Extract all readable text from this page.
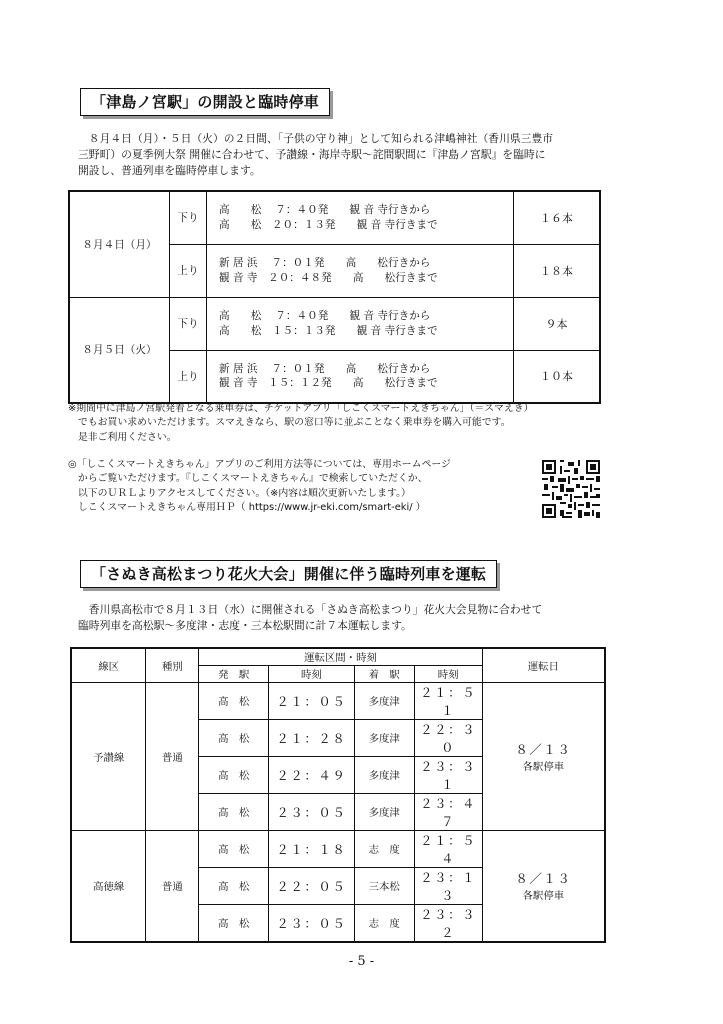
「津島ノ宮駅」の開設と臨時停車
　８月４日（月）・５日（火）の２日間、「子供の守り神」として知られる津嶋神社（香川県三豊市
三野町）の夏季例大祭 開催に合わせて、予讃線・海岸寺駅～詫間駅間に『津島ノ宮駅』を臨時に
開設し、普通列車を臨時停車します。
８月４日（月）	下り	高　　松　 ７：４０発　　観 音 寺行きから
高　　松　２０：１３発　　観 音 寺行きまで	１６本
	上り	新 居 浜　 ７：０１発　　高　　松行きから
観 音 寺　２０：４８発　　高　　松行きまで	１８本
８月５日（火）	下り	高　　松　 ７：４０発　　観 音 寺行きから
高　　松　１５：１３発　　観 音 寺行きまで	９本
	上り	新 居 浜　 ７：０１発　　高　　松行きから
観 音 寺　１５：１２発　　高　　松行きまで	１０本
※期間中に津島ノ宮駅発着となる乗車券は、チケットアプリ「しこくスマートえきちゃん」（＝スマえき）
　でもお買い求めいただけます。スマえきなら、駅の窓口等に並ぶことなく乗車券を購入可能です。
　是非ご利用ください。
◎「しこくスマートえきちゃん」アプリのご利用方法等については、専用ホームページ
　からご覧いただけます。『しこくスマートえきちゃん』で検索していただくか、
　以下のＵＲＬよりアクセスしてください。（※内容は順次更新いたします。）
　しこくスマートえきちゃん専用ＨＰ（ https://www.jr-eki.com/smart-eki/ ）
「さぬき高松まつり花火大会」開催に伴う臨時列車を運転
　香川県高松市で８月１３日（水）に開催される「さぬき高松まつり」花火大会見物に合わせて
臨時列車を高松駅～多度津・志度・三本松駅間に計７本運転します。
線区	種別	運転区間・時刻				運転日
		発　駅	時刻	着　駅	時刻	
予讃線	普通	高　松	２１：０５	多度津	２１：５１	８／１３
各駅停車

		高　松	２１：２８	多度津	２２：３０	
		高　松	２２：４９	多度津	２３：３１	
		高　松	２３：０５	多度津	２３：４７	
高徳線	普通	高　松	２１：１８	志　度	２１：５４	８／１３
各駅停車

		高　松	２２：０５	三本松	２３：１３	
		高　松	２３：０５	志　度	２３：３２	
- 5 -
